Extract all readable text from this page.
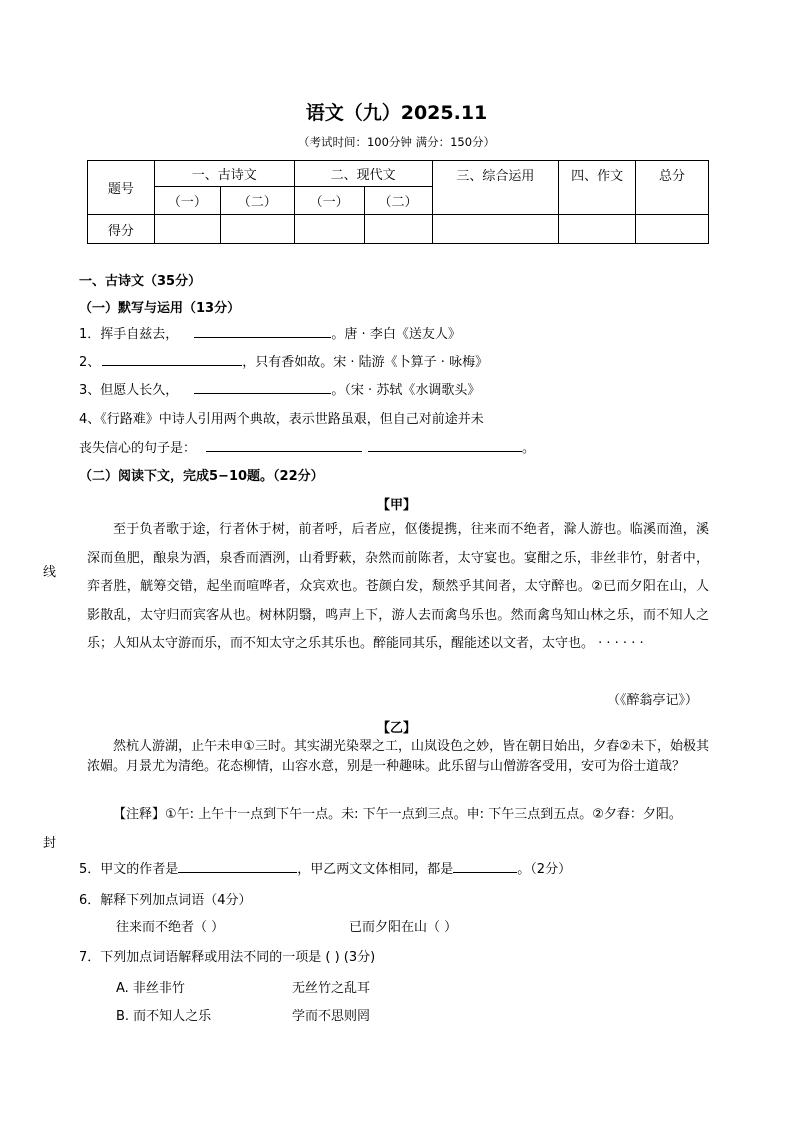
语文（九）2025.11
（考试时间：100分钟 满分：150分）
题号	一、古诗文		二、现代文		三、综合运用	四、作文	总分
	（一）	（二）	（一）	（二）			
得分							
线
封
一、古诗文（35分）
（一）默写与运用（13分）
1．挥手自兹去，	。唐 · 李白《送友人》
2、	，只有香如故。宋 · 陆游《卜算子 · 咏梅》
3、但愿人长久，	。（宋 · 苏轼《水调歌头》
4、《行路难》中诗人引用两个典故，表示世路虽艰，但自己对前途并未
丧失信心的句子是：	。
（二）阅读下文，完成5−10题。（22分）
【甲】
至于负者歌于途，行者休于树，前者呼，后者应，伛偻提携，往来而不绝者，滁人游也。临溪而渔，溪深而鱼肥，酿泉为酒，泉香而酒洌，山肴野蔌，杂然而前陈者，太守宴也。宴酣之乐，非丝非竹，射者中，弈者胜，觥筹交错，起坐而喧哗者，众宾欢也。苍颜白发，颓然乎其间者，太守醉也。②已而夕阳在山，人影散乱，太守归而宾客从也。树林阴翳，鸣声上下，游人去而禽鸟乐也。然而禽鸟知山林之乐，而不知人之乐；人知从太守游而乐，而不知太守之乐其乐也。醉能同其乐，醒能述以文者，太守也。 · · · · · ·
（《醉翁亭记》）
【乙】
然杭人游湖，止午未申①三时。其实湖光染翠之工，山岚设色之妙，皆在朝日始出，夕舂②未下，始极其浓媚。月景尤为清绝。花态柳情，山容水意，别是一种趣味。此乐留与山僧游客受用，安可为俗士道哉？
【注释】①午: 上午十一点到下午一点。未: 下午一点到三点。申: 下午三点到五点。②夕舂：夕阳。
5．甲文的作者是	，甲乙两文文体相同，都是	。（2分）
6．解释下列加点词语（4分）
往来而不绝者（ ）	已而夕阳在山（ ）
7．下列加点词语解释或用法不同的一项是 ( ) (3分)
A. 非丝非竹	无丝竹之乱耳
B. 而不知人之乐	学而不思则罔
